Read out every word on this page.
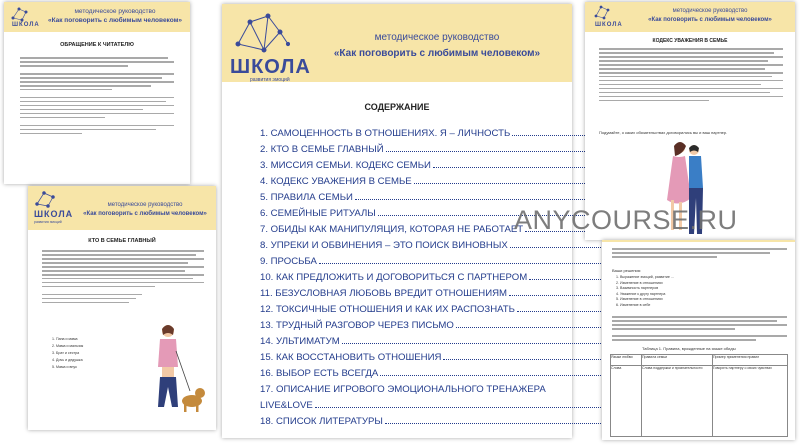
ШКОЛА
методическое руководство
«Как поговорить с любимым человеком»
ОБРАЩЕНИЕ К ЧИТАТЕЛЮ
ШКОЛА
развития эмоций
методическое руководство
«Как поговорить с любимым человеком»
КТО В СЕМЬЕ ГЛАВНЫЙ
1. Папа и мама
2. Мама и мальчик
3. Брат и сестра
4. Дочь и дедушка
5. Мама и внук
ШКОЛА
развития эмоций
методическое руководство
«Как поговорить с любимым человеком»
СОДЕРЖАНИЕ
1. САМОЦЕННОСТЬ В ОТНОШЕНИЯХ. Я – ЛИЧНОСТЬ
2. КТО В СЕМЬЕ ГЛАВНЫЙ
3. МИССИЯ СЕМЬИ. КОДЕКС СЕМЬИ
4. КОДЕКС УВАЖЕНИЯ В СЕМЬЕ
5. ПРАВИЛА СЕМЬИ
6. СЕМЕЙНЫЕ РИТУАЛЫ
7. ОБИДЫ КАК МАНИПУЛЯЦИЯ, КОТОРАЯ НЕ РАБОТАЕТ
8. УПРЕКИ И ОБВИНЕНИЯ – ЭТО ПОИСК ВИНОВНЫХ
9. ПРОСЬБА
10. КАК ПРЕДЛОЖИТЬ И ДОГОВОРИТЬСЯ С ПАРТНЕРОМ
11. БЕЗУСЛОВНАЯ ЛЮБОВЬ ВРЕДИТ ОТНОШЕНИЯМ
12. ТОКСИЧНЫЕ ОТНОШЕНИЯ И КАК ИХ РАСПОЗНАТЬ
13. ТРУДНЫЙ РАЗГОВОР ЧЕРЕЗ ПИСЬМО
14. УЛЬТИМАТУМ
15. КАК ВОССТАНОВИТЬ ОТНОШЕНИЯ
16. ВЫБОР ЕСТЬ ВСЕГДА
17. ОПИСАНИЕ ИГРОВОГО ЭМОЦИОНАЛЬНОГО ТРЕНАЖЕРА
LIVE&LOVE
18. СПИСОК ЛИТЕРАТУРЫ
ШКОЛА
методическое руководство
«Как поговорить с любимым человеком»
КОДЕКС УВАЖЕНИЯ В СЕМЬЕ
Подумайте, о каких обязательствах договорились вы и ваш партнер.
Ваши решения:
1. Выражение эмоций, развитие ...
2. Изменение в отношениях
3. Взаимность партнеров
4. Уважение к другу партнера
5. Изменение в отношениях
6. Изменение в себе
Таблица 1. Правила, врожденные на языке обиды
Языки любви	Правила семьи	Пример применения правил
Слова	Слова поддержки и признательности	Говорить партнеру о своих чувствах
ANYCOURSE.RU
